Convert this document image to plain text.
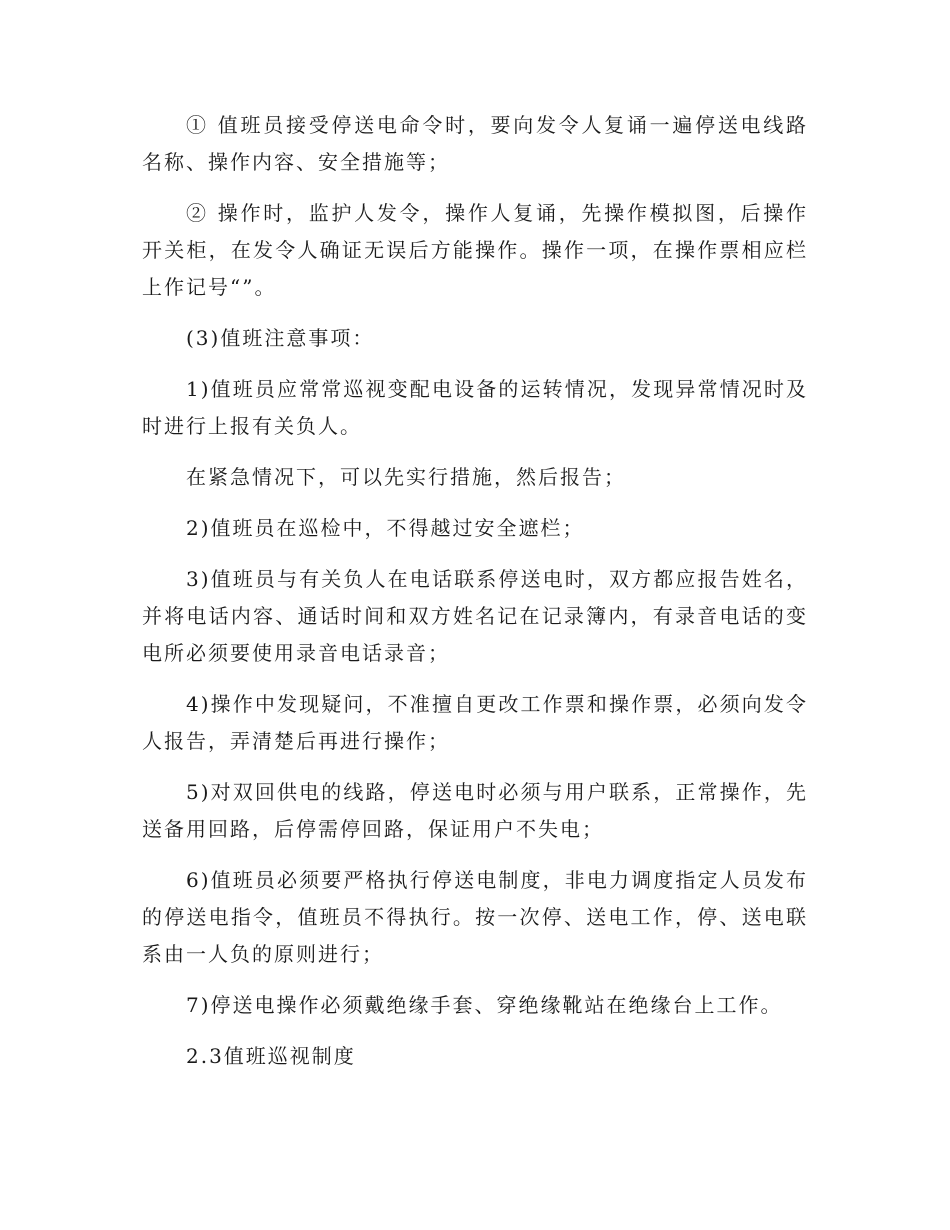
① 值班员接受停送电命令时，要向发令人复诵一遍停送电线路名称、操作内容、安全措施等；

② 操作时，监护人发令，操作人复诵，先操作模拟图，后操作开关柜，在发令人确证无误后方能操作。操作一项，在操作票相应栏上作记号“”。

(3)值班注意事项：

1)值班员应常常巡视变配电设备的运转情况，发现异常情况时及时进行上报有关负人。

在紧急情况下，可以先实行措施，然后报告；

2)值班员在巡检中，不得越过安全遮栏；

3)值班员与有关负人在电话联系停送电时，双方都应报告姓名，并将电话内容、通话时间和双方姓名记在记录簿内，有录音电话的变电所必须要使用录音电话录音；

4)操作中发现疑问，不准擅自更改工作票和操作票，必须向发令人报告，弄清楚后再进行操作；

5)对双回供电的线路，停送电时必须与用户联系，正常操作，先送备用回路，后停需停回路，保证用户不失电；

6)值班员必须要严格执行停送电制度，非电力调度指定人员发布的停送电指令，值班员不得执行。按一次停、送电工作，停、送电联系由一人负的原则进行；

7)停送电操作必须戴绝缘手套、穿绝缘靴站在绝缘台上工作。

2.3值班巡视制度
